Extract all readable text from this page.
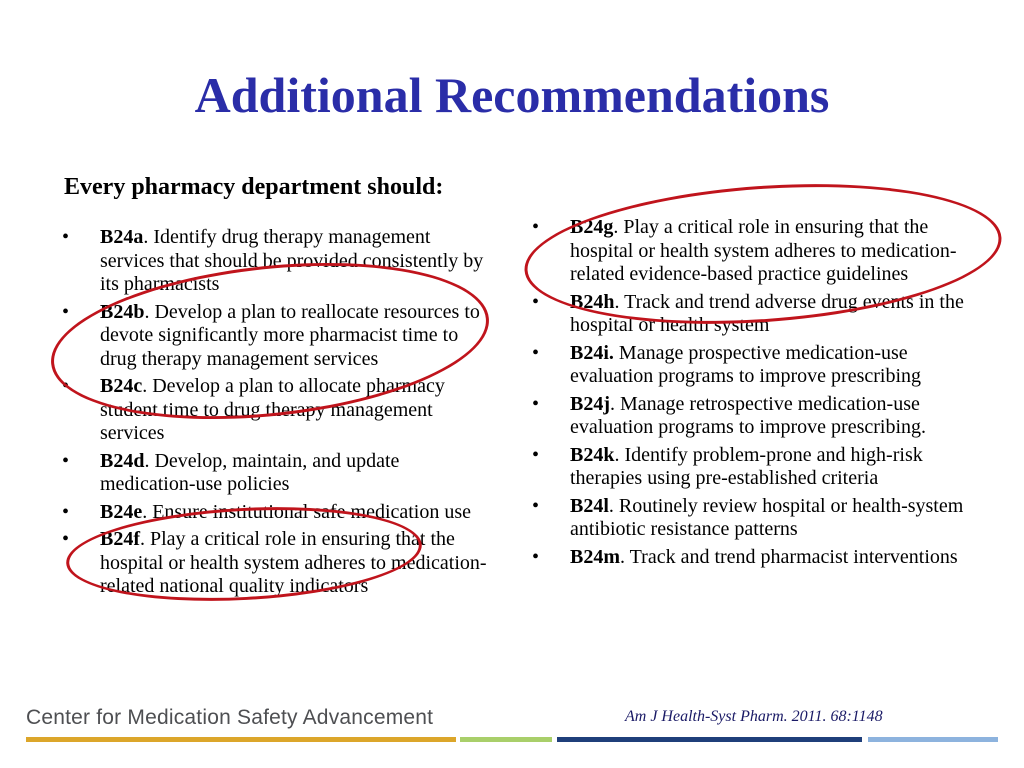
Additional Recommendations
Every pharmacy department should:
• B24a. Identify drug therapy management services that should be provided consistently by its pharmacists
• B24b. Develop a plan to reallocate resources to devote significantly more pharmacist time to drug therapy management services
• B24c. Develop a plan to allocate pharmacy student time to drug therapy management services
• B24d. Develop, maintain, and update medication-use policies
• B24e. Ensure institutional safe medication use
• B24f. Play a critical role in ensuring that the hospital or health system adheres to medication-related national quality indicators
• B24g. Play a critical role in ensuring that the hospital or health system adheres to medication-related evidence-based practice guidelines
• B24h. Track and trend adverse drug events in the hospital or health system
• B24i. Manage prospective medication-use evaluation programs to improve prescribing
• B24j. Manage retrospective medication-use evaluation programs to improve prescribing.
• B24k. Identify problem-prone and high-risk therapies using pre-established criteria
• B24l. Routinely review hospital or health-system antibiotic resistance patterns
• B24m. Track and trend pharmacist interventions
Center for Medication Safety Advancement	Am J Health-Syst Pharm. 2011. 68:1148
